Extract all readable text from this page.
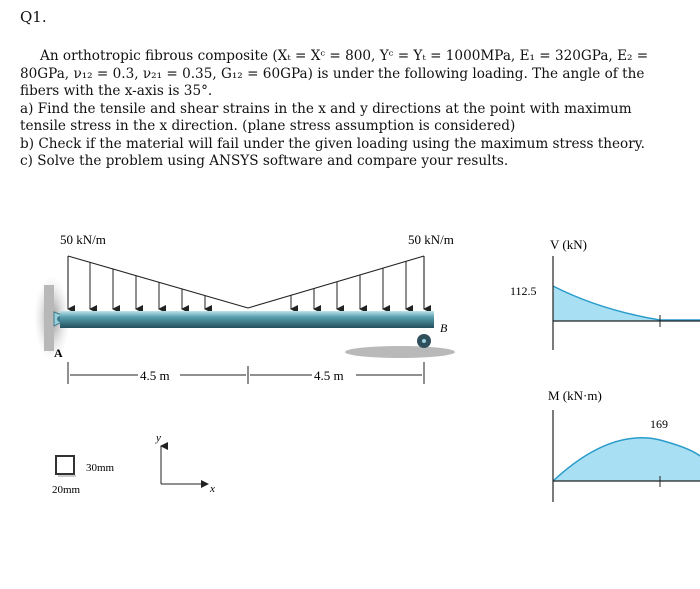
Q1.
An orthotropic fibrous composite (Xₜ = Xᶜ = 800, Yᶜ = Yₜ = 1000MPa, E₁ = 320GPa, E₂ =
80GPa, ν₁₂ = 0.3, ν₂₁ = 0.35, G₁₂ = 60GPa) is under the following loading. The angle of the
fibers with the x-axis is 35°.
a) Find the tensile and shear strains in the x and y directions at the point with maximum
tensile stress in the x direction. (plane stress assumption is considered)
b) Check if the material will fail under the given loading using the maximum stress theory.
c) Solve the problem using ANSYS software and compare your results.
50 kN/m	50 kN/m
A
B
4.5 m	4.5 m
30mm
20mm
y
x
V (kN)
112.5
M (kN·m)
169
